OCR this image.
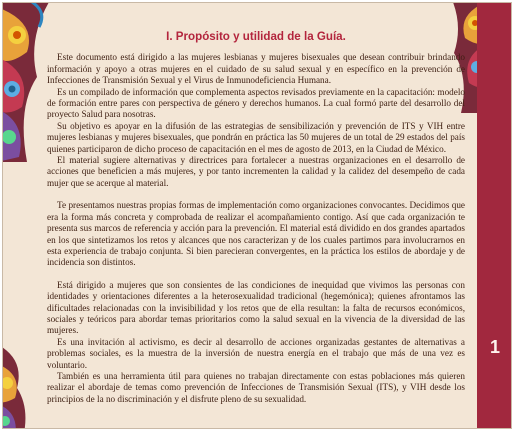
1
I. Propósito y utilidad de la Guía.

Este documento está dirigido a las mujeres lesbianas y mujeres bisexuales que desean contribuir brindando información y apoyo a otras mujeres en el cuidado de su salud sexual y en específico en la prevención de Infecciones de Transmisión Sexual y el Virus de Inmunodeficiencia Humana.

Es un compilado de información que complementa aspectos revisados previamente en la capacitación: modelo de formación entre pares con perspectiva de género y derechos humanos. La cual formó parte del desarrollo del proyecto Salud para nosotras.

Su objetivo es apoyar en la difusión de las estrategias de sensibilización y prevención de ITS y VIH entre mujeres lesbianas y mujeres bisexuales, que pondrán en práctica las 50 mujeres de un total de 29 estados del país quienes participaron de dicho proceso de capacitación en el mes de agosto de 2013, en la Ciudad de México.

El material sugiere alternativas y directrices para fortalecer a nuestras organizaciones en el desarrollo de acciones que beneficien a más mujeres, y por tanto incrementen la calidad y la calidez del desempeño de cada mujer que se acerque al material.

Te presentamos nuestras propias formas de implementación como organizaciones convocantes. Decidimos que era la forma más concreta y comprobada de realizar el acompañamiento contigo. Así que cada organización te presenta sus marcos de referencia y acción para la prevención. El material está dividido en dos grandes apartados en los que sintetizamos los retos y alcances que nos caracterizan y de los cuales partimos para involucrarnos en esta experiencia de trabajo conjunta. Si bien parecieran convergentes, en la práctica los estilos de abordaje y de incidencia son distintos.

Está dirigido a mujeres que son consientes de las condiciones de inequidad que vivimos las personas con identidades y orientaciones diferentes a la heterosexualidad tradicional (hegemónica); quienes afrontamos las dificultades relacionadas con la invisibilidad y los retos que de ella resultan: la falta de recursos económicos, sociales y teóricos para abordar temas prioritarios como la salud sexual en la vivencia de la diversidad de las mujeres.

Es una invitación al activismo, es decir al desarrollo de acciones organizadas gestantes de alternativas a problemas sociales, es la muestra de la inversión de nuestra energía en el trabajo que más de una vez es voluntario.

También es una herramienta útil para quienes no trabajan directamente con estas poblaciones más quieren realizar el abordaje de temas como prevención de Infecciones de Transmisión Sexual (ITS), y VIH desde los principios de la no discriminación y el disfrute pleno de su sexualidad.
